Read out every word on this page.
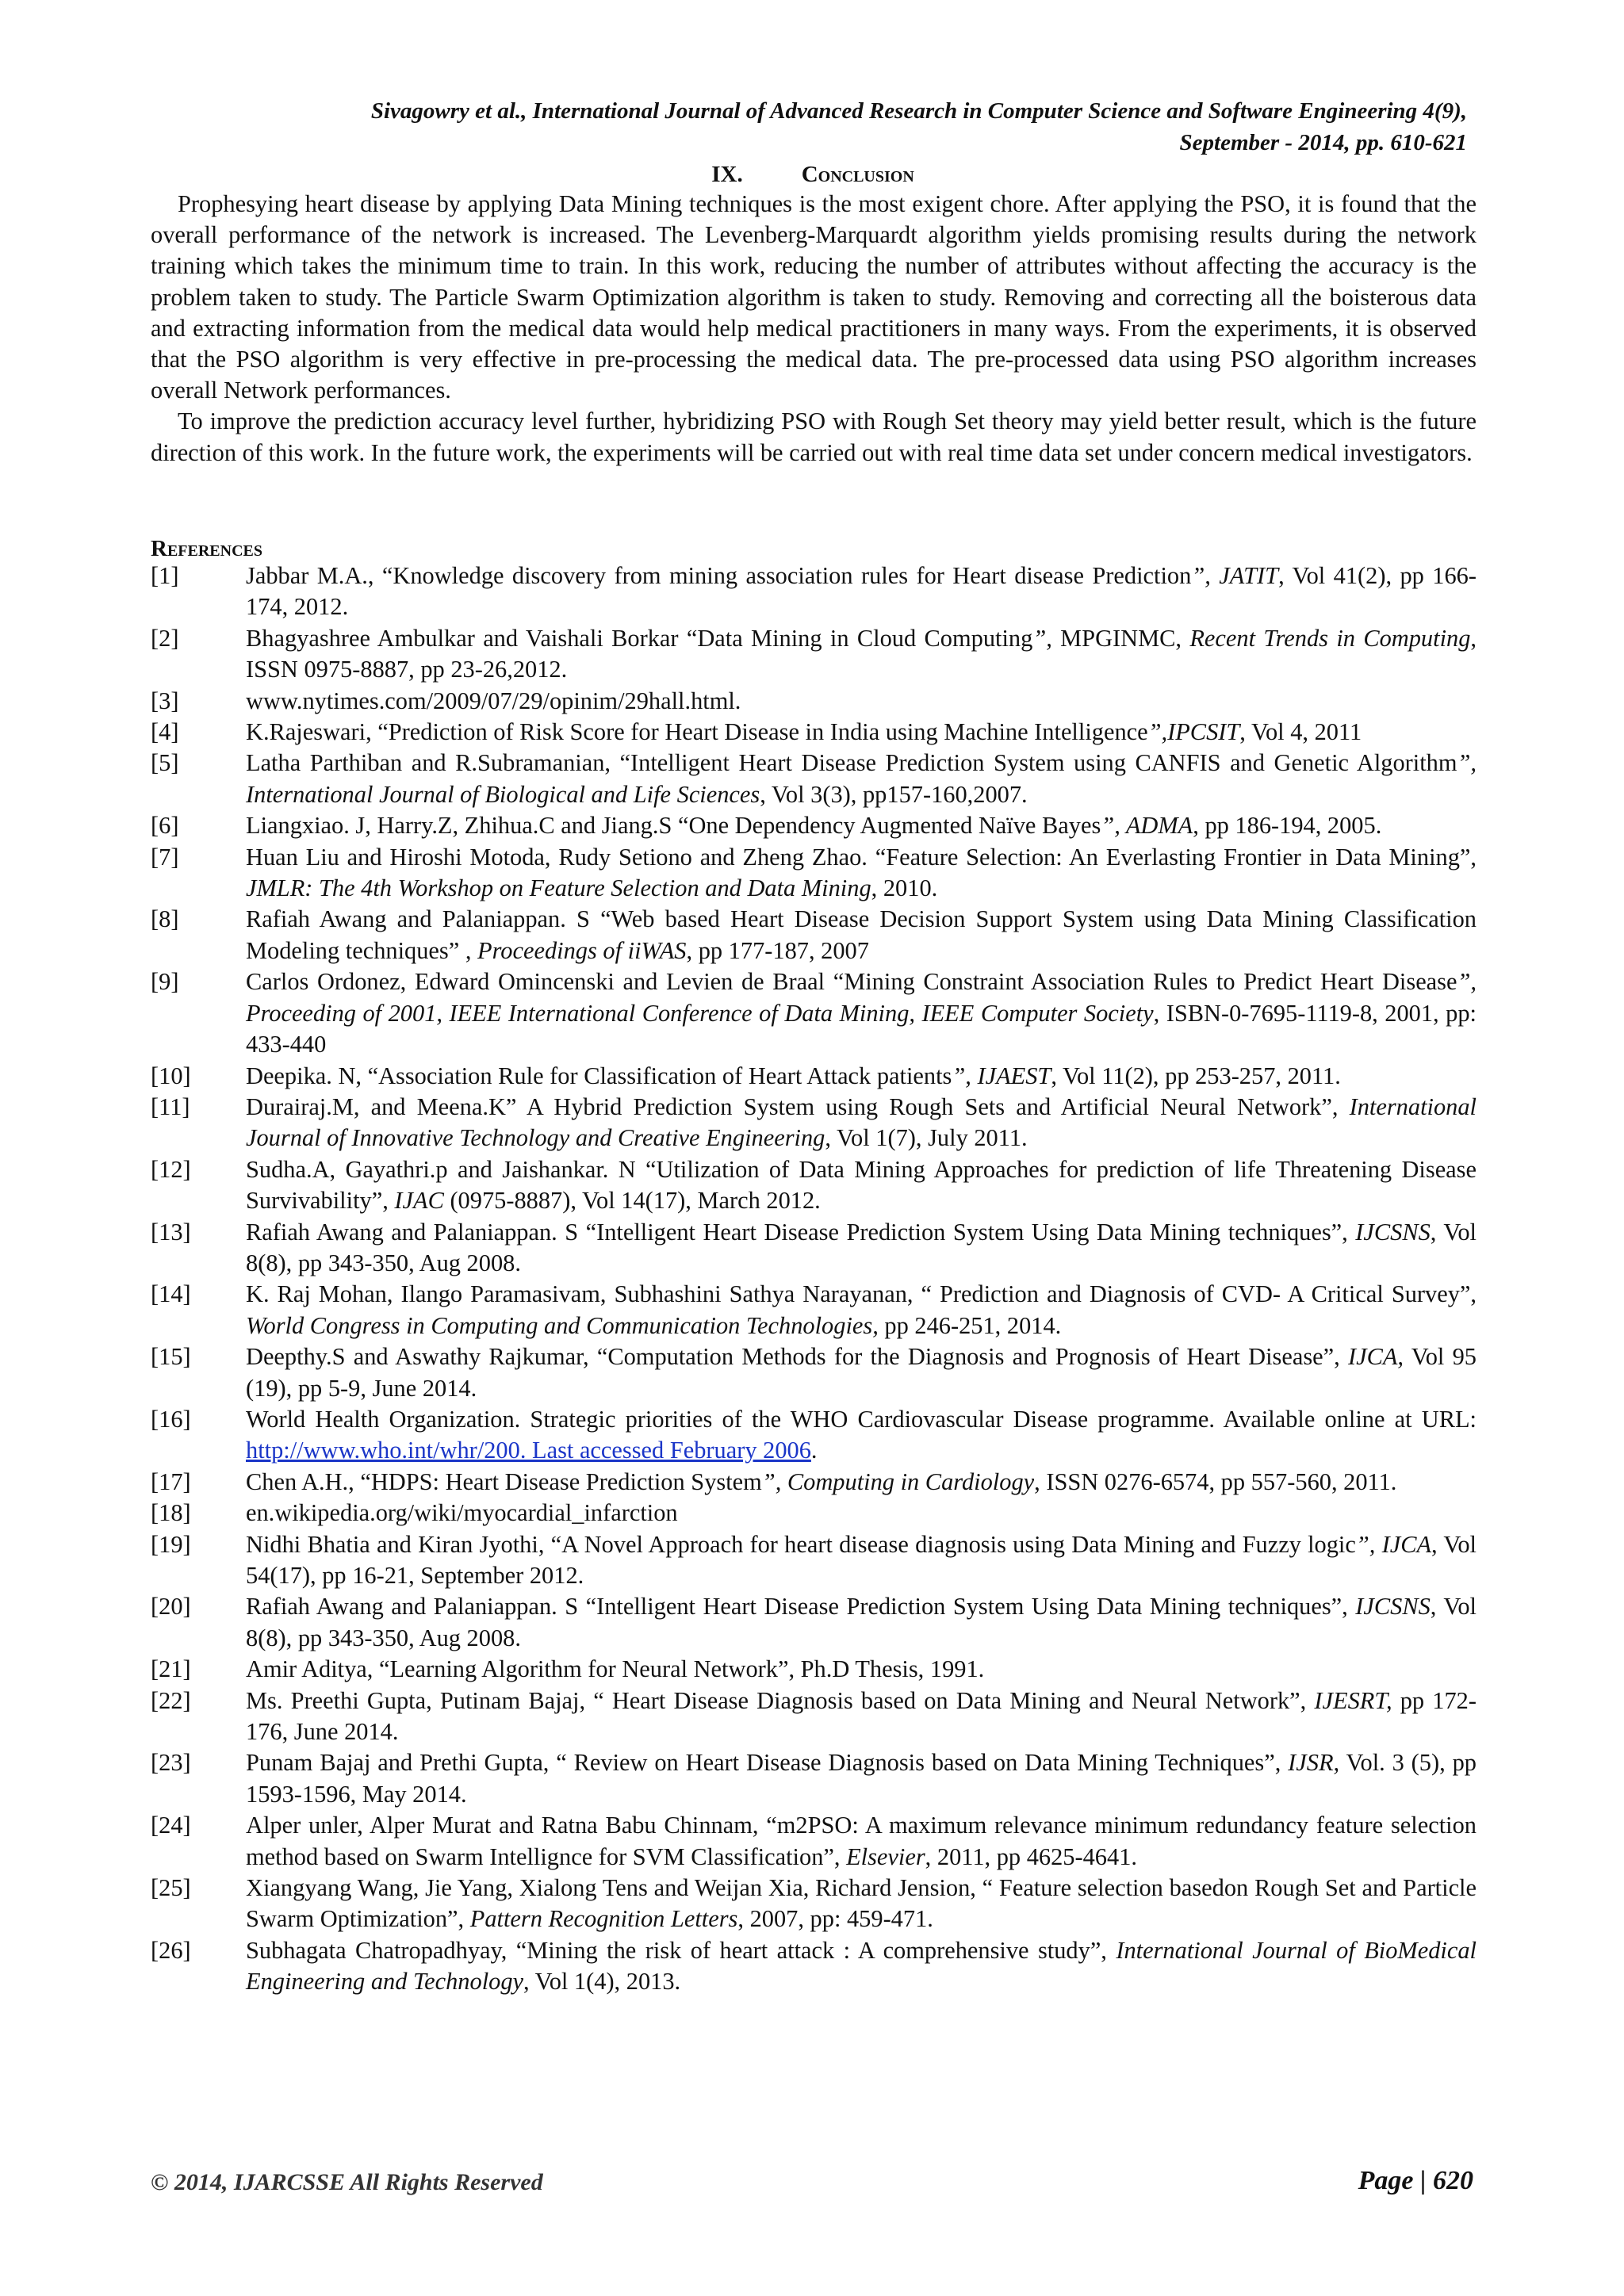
Sivagowry et al., International Journal of Advanced Research in Computer Science and Software Engineering 4(9),
September - 2014, pp. 610-621
IX.	Conclusion

Prophesying heart disease by applying Data Mining techniques is the most exigent chore. After applying the PSO, it is found that the overall performance of the network is increased. The Levenberg-Marquardt algorithm yields promising results during the network training which takes the minimum time to train. In this work, reducing the number of attributes without affecting the accuracy is the problem taken to study. The Particle Swarm Optimization algorithm is taken to study. Removing and correcting all the boisterous data and extracting information from the medical data would help medical practitioners in many ways. From the experiments, it is observed that the PSO algorithm is very effective in pre-processing the medical data. The pre-processed data using PSO algorithm increases overall Network performances.

To improve the prediction accuracy level further, hybridizing PSO with Rough Set theory may yield better result, which is the future direction of this work. In the future work, the experiments will be carried out with real time data set under concern medical investigators.

References
[1]	Jabbar M.A., “Knowledge discovery from mining association rules for Heart disease Prediction”, JATIT, Vol 41(2), pp 166-174, 2012.
[2]	Bhagyashree Ambulkar and Vaishali Borkar “Data Mining in Cloud Computing”, MPGINMC, Recent Trends in Computing, ISSN 0975-8887, pp 23-26,2012.
[3]	www.nytimes.com/2009/07/29/opinim/29hall.html.
[4]	K.Rajeswari, “Prediction of Risk Score for Heart Disease in India using Machine Intelligence”,IPCSIT, Vol 4, 2011
[5]	Latha Parthiban and R.Subramanian, “Intelligent Heart Disease Prediction System using CANFIS and Genetic Algorithm”, International Journal of Biological and Life Sciences, Vol 3(3), pp157-160,2007.
[6]	Liangxiao. J, Harry.Z, Zhihua.C and Jiang.S “One Dependency Augmented Naïve Bayes”, ADMA, pp 186-194, 2005.
[7]	Huan Liu and Hiroshi Motoda, Rudy Setiono and Zheng Zhao. “Feature Selection: An Everlasting Frontier in Data Mining”, JMLR: The 4th Workshop on Feature Selection and Data Mining, 2010.
[8]	Rafiah Awang and Palaniappan. S “Web based Heart Disease Decision Support System using Data Mining Classification Modeling techniques” , Proceedings of iiWAS, pp 177-187, 2007
[9]	Carlos Ordonez, Edward Omincenski and Levien de Braal “Mining Constraint Association Rules to Predict Heart Disease”, Proceeding of 2001, IEEE International Conference of Data Mining, IEEE Computer Society, ISBN-0-7695-1119-8, 2001, pp: 433-440
[10]	Deepika. N, “Association Rule for Classification of Heart Attack patients”, IJAEST, Vol 11(2), pp 253-257, 2011.
[11]	Durairaj.M, and Meena.K” A Hybrid Prediction System using Rough Sets and Artificial Neural Network”, International Journal of Innovative Technology and Creative Engineering, Vol 1(7), July 2011.
[12]	Sudha.A, Gayathri.p and Jaishankar. N “Utilization of Data Mining Approaches for prediction of life Threatening Disease Survivability”, IJAC (0975-8887), Vol 14(17), March 2012.
[13]	Rafiah Awang and Palaniappan. S “Intelligent Heart Disease Prediction System Using Data Mining techniques”, IJCSNS, Vol 8(8), pp 343-350, Aug 2008.
[14]	K. Raj Mohan, Ilango Paramasivam, Subhashini Sathya Narayanan, “ Prediction and Diagnosis of CVD- A Critical Survey”, World Congress in Computing and Communication Technologies, pp 246-251, 2014.
[15]	Deepthy.S and Aswathy Rajkumar, “Computation Methods for the Diagnosis and Prognosis of Heart Disease”, IJCA, Vol 95 (19), pp 5-9, June 2014.
[16]	World Health Organization. Strategic priorities of the WHO Cardiovascular Disease programme. Available online at URL: http://www.who.int/whr/200. Last accessed February 2006.
[17]	Chen A.H., “HDPS: Heart Disease Prediction System”, Computing in Cardiology, ISSN 0276-6574, pp 557-560, 2011.
[18]	en.wikipedia.org/wiki/myocardial_infarction
[19]	Nidhi Bhatia and Kiran Jyothi, “A Novel Approach for heart disease diagnosis using Data Mining and Fuzzy logic”, IJCA, Vol 54(17), pp 16-21, September 2012.
[20]	Rafiah Awang and Palaniappan. S “Intelligent Heart Disease Prediction System Using Data Mining techniques”, IJCSNS, Vol 8(8), pp 343-350, Aug 2008.
[21]	Amir Aditya, “Learning Algorithm for Neural Network”, Ph.D Thesis, 1991.
[22]	Ms. Preethi Gupta, Putinam Bajaj, “ Heart Disease Diagnosis based on Data Mining and Neural Network”, IJESRT, pp 172-176, June 2014.
[23]	Punam Bajaj and Prethi Gupta, “ Review on Heart Disease Diagnosis based on Data Mining Techniques”, IJSR, Vol. 3 (5), pp 1593-1596, May 2014.
[24]	Alper unler, Alper Murat and Ratna Babu Chinnam, “m2PSO: A maximum relevance minimum redundancy feature selection method based on Swarm Intellignce for SVM Classification”, Elsevier, 2011, pp 4625-4641.
[25]	Xiangyang Wang, Jie Yang, Xialong Tens and Weijan Xia, Richard Jension, “ Feature selection basedon Rough Set and Particle Swarm Optimization”, Pattern Recognition Letters, 2007, pp: 459-471.
[26]	Subhagata Chatropadhyay, “Mining the risk of heart attack : A comprehensive study”, International Journal of BioMedical Engineering and Technology, Vol 1(4), 2013.
© 2014, IJARCSSE All Rights Reserved	Page | 620
